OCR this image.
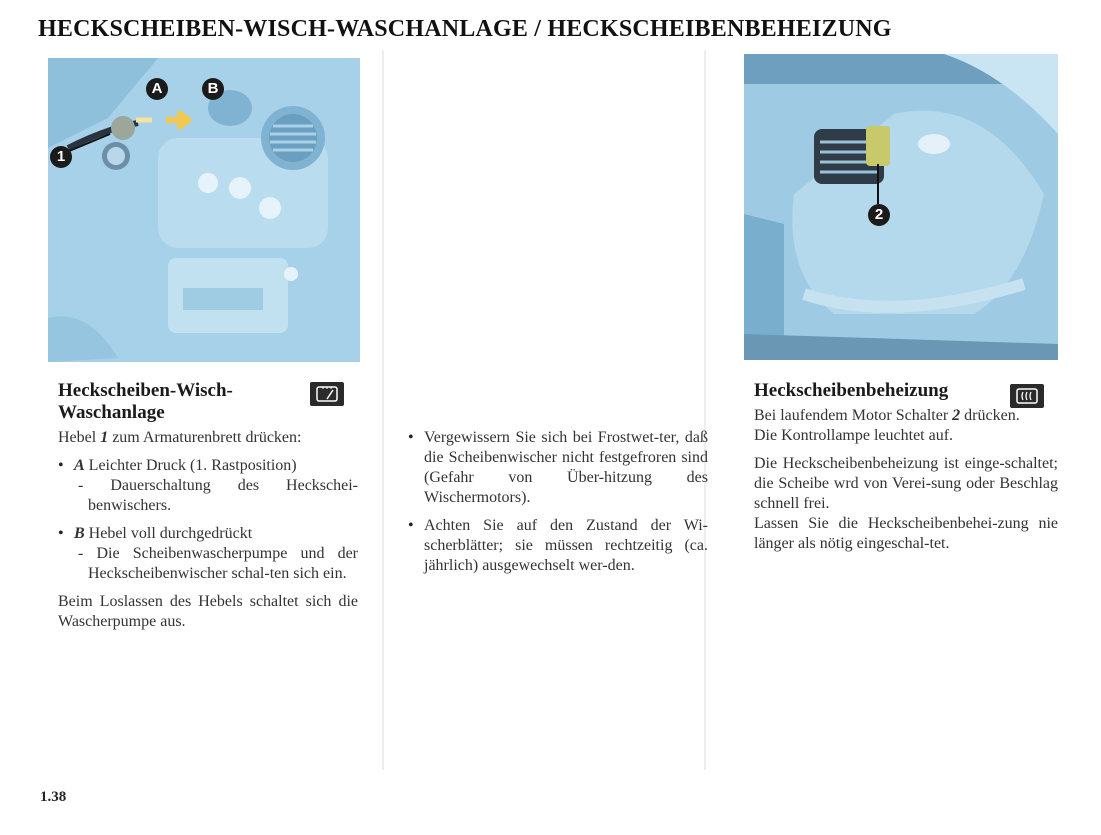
HECKSCHEIBEN-WISCH-WASCHANLAGE / HECKSCHEIBENBEHEIZUNG
A	B
1
Heckscheiben-Wisch-
Waschanlage

Hebel 1 zum Armaturenbrett drücken:

• A Leichter Druck (1. Rastposition)
- Dauerschaltung des Heckschei-benwischers.
• B Hebel voll durchgedrückt
- Die Scheibenwascherpumpe und der Heckscheibenwischer schal-ten sich ein.

Beim Loslassen des Hebels schaltet sich die Wascherpumpe aus.

• Vergewissern Sie sich bei Frostwet-ter, daß die Scheibenwischer nicht festgefroren sind (Gefahr von Über-hitzung des Wischermotors).
• Achten Sie auf den Zustand der Wi-scherblätter; sie müssen rechtzeitig (ca. jährlich) ausgewechselt wer-den.
2
Heckscheibenbeheizung

Bei laufendem Motor Schalter 2 drücken.

Die Kontrollampe leuchtet auf.

Die Heckscheibenbeheizung ist einge-schaltet; die Scheibe wrd von Verei-sung oder Beschlag schnell frei.

Lassen Sie die Heckscheibenbehei-zung nie länger als nötig eingeschal-tet.

1.38
